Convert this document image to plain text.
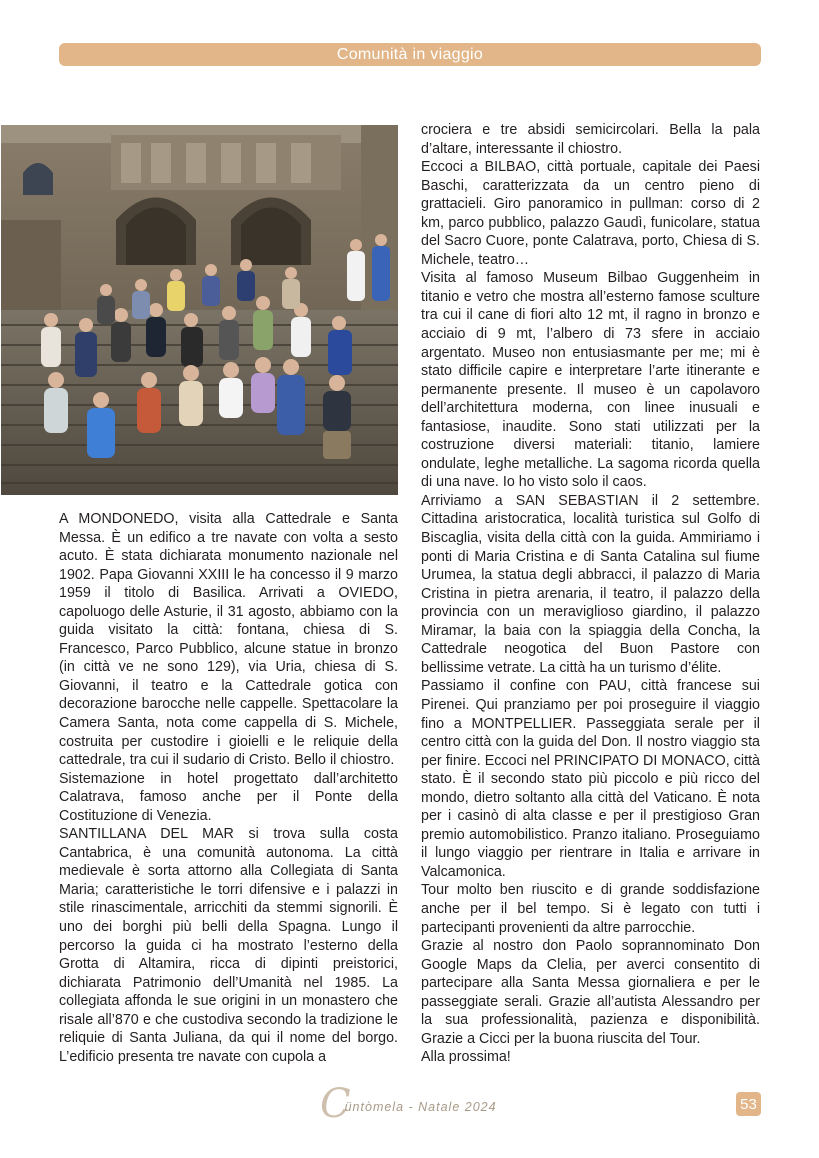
Comunità in viaggio

A MONDONEDO, visita alla Cattedrale e Santa Messa. È un edifico a tre navate con volta a sesto acuto. È stata dichiarata monumento nazionale nel 1902. Papa Giovanni XXIII le ha concesso il 9 marzo 1959 il titolo di Basilica. Arrivati a OVIEDO, capoluogo delle Asturie, il 31 agosto, abbiamo con la guida visitato la città: fontana, chiesa di S. Francesco, Parco Pubblico, alcune statue in bronzo (in città ve ne sono 129), via Uria, chiesa di S. Giovanni, il teatro e la Cattedrale gotica con decorazione barocche nelle cappelle. Spettacolare la Camera Santa, nota come cappella di S. Michele, costruita per custodire i gioielli e le reliquie della cattedrale, tra cui il sudario di Cristo. Bello il chiostro.

Sistemazione in hotel progettato dall’architetto Calatrava, famoso anche per il Ponte della Costituzione di Venezia.

SANTILLANA DEL MAR si trova sulla costa Cantabrica, è una comunità autonoma. La città medievale è sorta attorno alla Collegiata di Santa Maria; caratteristiche le torri difensive e i palazzi in stile rinascimentale, arricchiti da stemmi signorili. È uno dei borghi più belli della Spagna. Lungo il percorso la guida ci ha mostrato l’esterno della Grotta di Altamira, ricca di dipinti preistorici, dichiarata Patrimonio dell’Umanità nel 1985. La collegiata affonda le sue origini in un monastero che risale all’870 e che custodiva secondo la tradizione le reliquie di Santa Juliana, da qui il nome del borgo. L’edificio presenta tre navate con cupola a

crociera e tre absidi semicircolari. Bella la pala d’altare, interessante il chiostro.

Eccoci a BILBAO, città portuale, capitale dei Paesi Baschi, caratterizzata da un centro pieno di grattacieli. Giro panoramico in pullman: corso di 2 km, parco pubblico, palazzo Gaudì, funicolare, statua del Sacro Cuore, ponte Calatrava, porto, Chiesa di S. Michele, teatro…

Visita al famoso Museum Bilbao Guggenheim in titanio e vetro che mostra all’esterno famose sculture tra cui il cane di fiori alto 12 mt, il ragno in bronzo e acciaio di 9 mt, l’albero di 73 sfere in acciaio argentato. Museo non entusiasmante per me; mi è stato difficile capire e interpretare l’arte itinerante e permanente presente. Il museo è un capolavoro dell’architettura moderna, con linee inusuali e fantasiose, inaudite. Sono stati utilizzati per la costruzione diversi materiali: titanio, lamiere ondulate, leghe metalliche. La sagoma ricorda quella di una nave. Io ho visto solo il caos.

Arriviamo a SAN SEBASTIAN il 2 settembre. Cittadina aristocratica, località turistica sul Golfo di Biscaglia, visita della città con la guida. Ammiriamo i ponti di Maria Cristina e di Santa Catalina sul fiume Urumea, la statua degli abbracci, il palazzo di Maria Cristina in pietra arenaria, il teatro, il palazzo della provincia con un meraviglioso giardino, il palazzo Miramar, la baia con la spiaggia della Concha, la Cattedrale neogotica del Buon Pastore con bellissime vetrate. La città ha un turismo d’élite.

Passiamo il confine con PAU, città francese sui Pirenei. Qui pranziamo per poi proseguire il viaggio fino a MONTPELLIER. Passeggiata serale per il centro città con la guida del Don. Il nostro viaggio sta per finire. Eccoci nel PRINCIPATO DI MONACO, città stato. È il secondo stato più piccolo e più ricco del mondo, dietro soltanto alla città del Vaticano. È nota per i casinò di alta classe e per il prestigioso Gran premio automobilistico. Pranzo italiano. Proseguiamo il lungo viaggio per rientrare in Italia e arrivare in Valcamonica.

Tour molto ben riuscito e di grande soddisfazione anche per il bel tempo. Si è legato con tutti i partecipanti provenienti da altre parrocchie.

Grazie al nostro don Paolo soprannominato Don Google Maps da Clelia, per averci consentito di partecipare alla Santa Messa giornaliera e per le passeggiate serali. Grazie all’autista Alessandro per la sua professionalità, pazienza e disponibilità. Grazie a Cicci per la buona riuscita del Tour.

Alla prossima!

C
üntòmela - Natale 2024	53
